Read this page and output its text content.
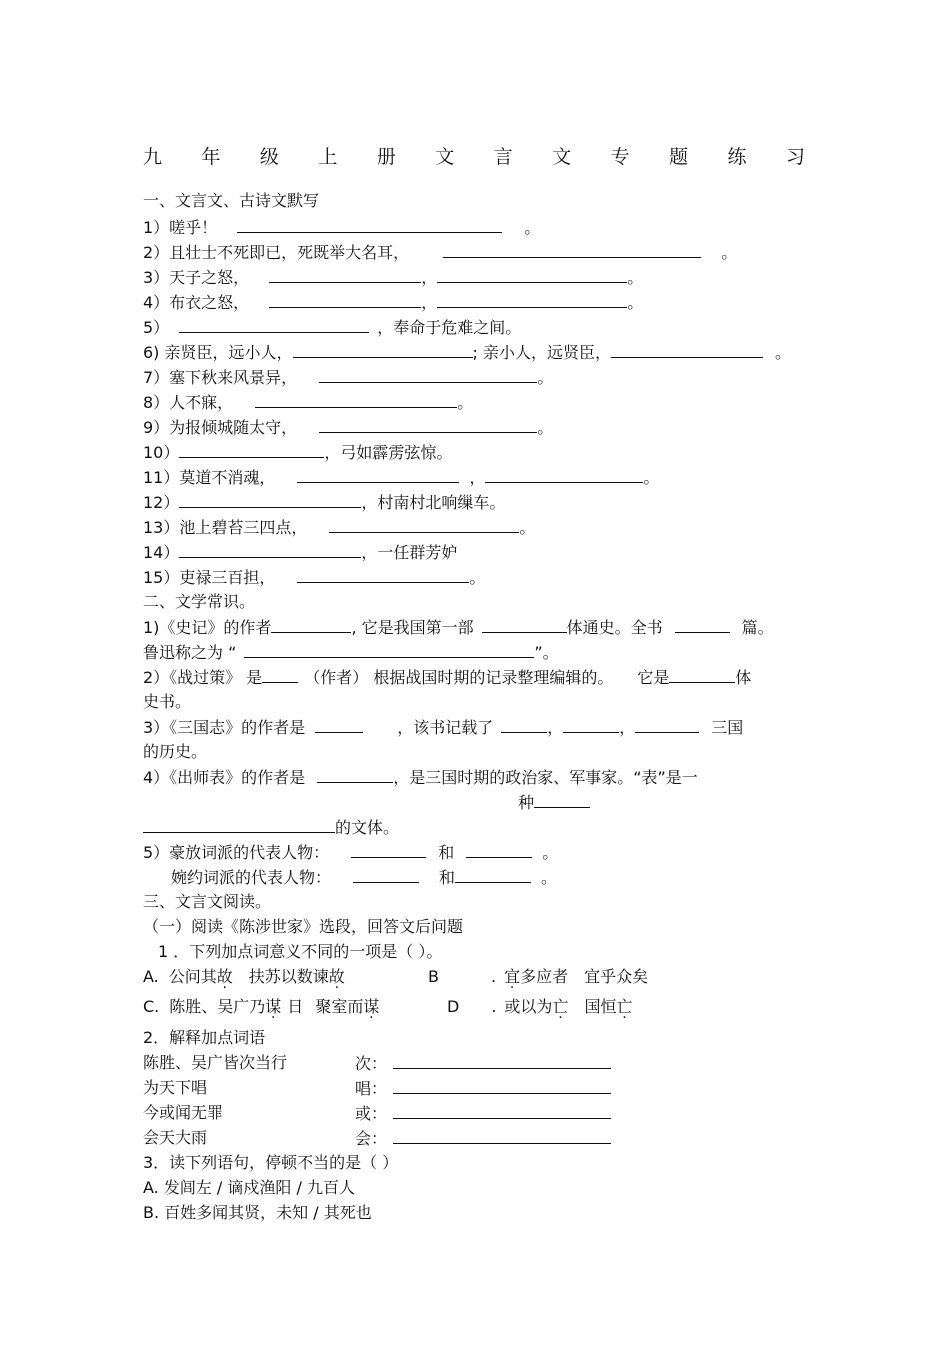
九 年 级 上 册 文 言 文 专 题 练 习
一、文言文、古诗文默写
1）嗟乎！	。
2）且壮士不死即已，死既举大名耳，	。
3）天子之怒，	，	。
4）布衣之怒，	，	。
5）	，奉命于危难之间。
6) 亲贤臣，远小人，	; 亲小人，远贤臣，	。
7）塞下秋来风景异，	。
8）人不寐，	。
9）为报倾城随太守，	。
10）	，弓如霹雳弦惊。
11）莫道不消魂，	，	。
12）	，村南村北响缫车。
13）池上碧苔三四点，	。
14）	，一任群芳妒
15）吏禄三百担，	。
二、文学常识。
1)《史记》的作者	, 它是我国第一部	体通史。全书	篇。
鲁迅称之为 “	”。
2）《战过策》 是	（作者） 根据战国时期的记录整理编辑的。 它是	体
史书。
3）《三国志》的作者是	，该书记载了	，	，	三国
的历史。
4）《出师表》的作者是	，是三国时期的政治家、军事家。“表”是一
种
的文体。
5）豪放词派的代表人物：	和	。
婉约词派的代表人物：	和	。
三、文言文阅读。
（一）阅读《陈涉世家》选段，回答文后问题
1 ．下列加点词意义不同的一项是（ ）。
A. 公问其故 扶苏以数谏故	B	. 宜多应者 宜乎众矣
C. 陈胜、吴广乃谋 日 聚室而谋	D . 或以为亡 国恒亡
2．解释加点词语
陈胜、吴广皆次当行	次：
为天下唱	唱：
今或闻无罪	或：
会天大雨	会：
3．读下列语句，停顿不当的是（ ）
A. 发闾左 / 谪戍渔阳 / 九百人
B. 百姓多闻其贤，未知 / 其死也
